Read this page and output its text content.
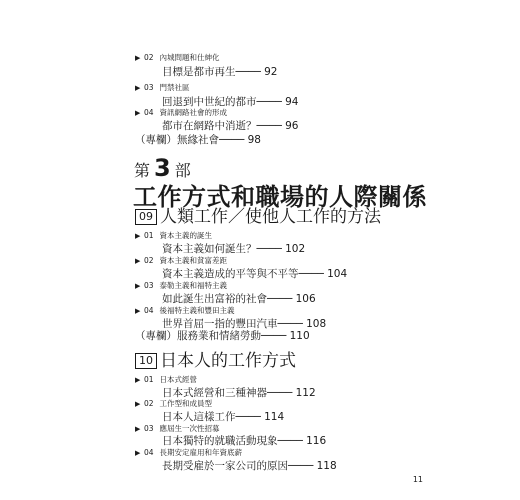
▶ 02 內城問題和仕紳化
目標是都市再生──── 92
▶ 03 門禁社區
回退到中世紀的都市──── 94
▶ 04 資訊網路社會的形成
都市在網路中消逝？──── 96
（專欄）無緣社會──── 98
第 3 部
工作方式和職場的人際關係
09 人類工作／使他人工作的方法
▶ 01 資本主義的誕生
資本主義如何誕生？──── 102
▶ 02 資本主義和貧富差距
資本主義造成的平等與不平等──── 104
▶ 03 泰勒主義和福特主義
如此誕生出富裕的社會──── 106
▶ 04 後福特主義和豐田主義
世界首屈一指的豐田汽車──── 108
（專欄）服務業和情緒勞動──── 110
10 日本人的工作方式
▶ 01 日本式經營
日本式經營和三種神器──── 112
▶ 02 工作型和成員型
日本人這樣工作──── 114
▶ 03 應屆生一次性招募
日本獨特的就職活動現象──── 116
▶ 04 長期安定雇用和年資底薪
長期受雇於一家公司的原因──── 118
11
